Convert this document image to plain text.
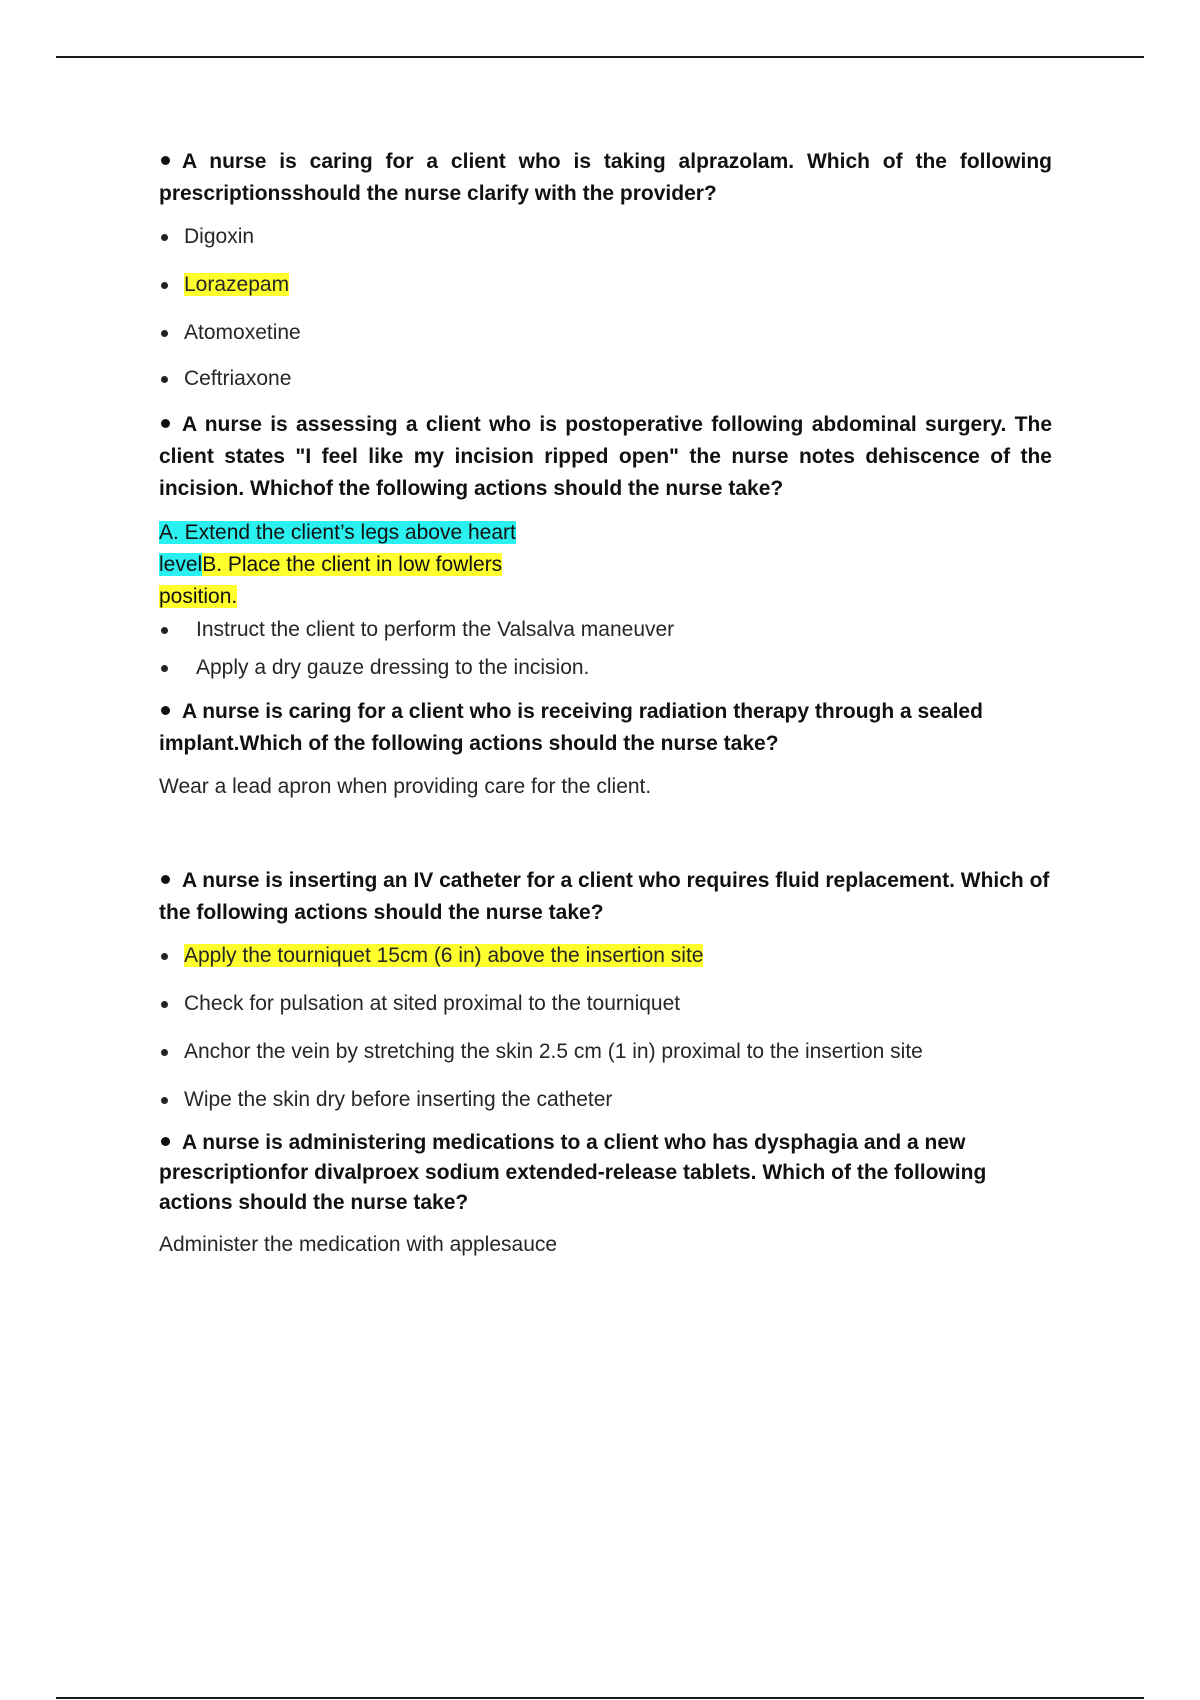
A nurse is caring for a client who is taking alprazolam. Which of the following prescriptionsshould the nurse clarify with the provider?

Digoxin
Lorazepam
Atomoxetine
Ceftriaxone

A nurse is assessing a client who is postoperative following abdominal surgery. The client states "I feel like my incision ripped open" the nurse notes dehiscence of the incision. Whichof the following actions should the nurse take?

A. Extend the client’s legs above heart
levelB. Place the client in low fowlers
position.
Instruct the client to perform the Valsalva maneuver
Apply a dry gauze dressing to the incision.

A nurse is caring for a client who is receiving radiation therapy through a sealed implant.Which of the following actions should the nurse take?

Wear a lead apron when providing care for the client.

A nurse is inserting an IV catheter for a client who requires fluid replacement. Which of the following actions should the nurse take?

Apply the tourniquet 15cm (6 in) above the insertion site
Check for pulsation at sited proximal to the tourniquet
Anchor the vein by stretching the skin 2.5 cm (1 in) proximal to the insertion site
Wipe the skin dry before inserting the catheter

A nurse is administering medications to a client who has dysphagia and a new prescriptionfor divalproex sodium extended-release tablets. Which of the following actions should the nurse take?

Administer the medication with applesauce
